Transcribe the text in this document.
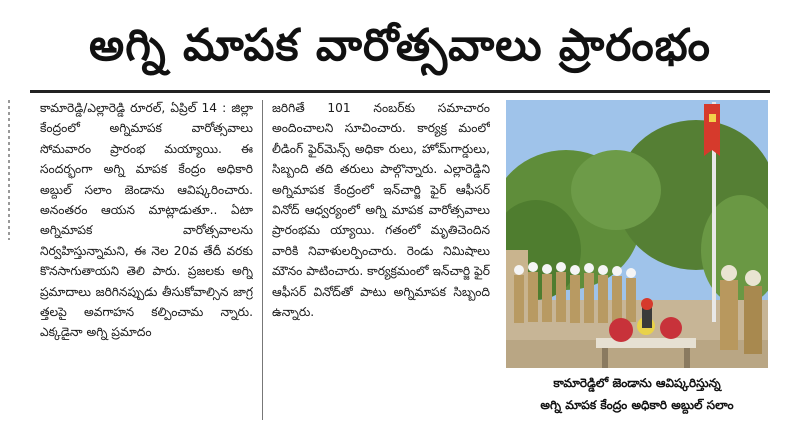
అగ్ని మాపక వారోత్సవాలు ప్రారంభం

కామారెడ్డి/ఎల్లారెడ్డి రూరల్, ఏప్రిల్ 14 : జిల్లా కేంద్రంలో అగ్నిమాపక వారోత్సవాలు సోమవారం ప్రారంభ మయ్యాయి. ఈ సందర్భంగా అగ్ని మాపక కేంద్రం అధికారి అబ్దుల్ సలాం జెండాను ఆవిష్కరించారు. అనంతరం ఆయన మాట్లాడుతూ.. ఏటా అగ్నిమాపక వారోత్సవాలను నిర్వహిస్తున్నామని, ఈ నెల 20వ తేదీ వరకు కొనసాగుతాయని తెలి పారు. ప్రజలకు అగ్ని ప్రమాదాలు జరిగినప్పుడు తీసుకోవాల్సిన జాగ్ర త్తలపై అవగాహన కల్పించామ న్నారు. ఎక్కడైనా అగ్ని ప్రమాదం

జరిగితే 101 నంబర్‌కు సమాచారం అందించాలని సూచించారు. కార్యక్ర మంలో లీడింగ్ ఫైర్‌మెన్స్ అధికా రులు, హోమ్‌గార్డులు, సిబ్బంది తది తరులు పాల్గొన్నారు. ఎల్లారెడ్డిని అగ్నిమాపక కేంద్రంలో ఇన్‌చార్జి ఫైర్ ఆఫీసర్ వినోద్ ఆధ్వర్యంలో అగ్ని మాపక వారోత్సవాలు ప్రారంభమ య్యాయి. గతంలో మృతిచెందిన వారికి నివాళులర్పించారు. రెండు నిమిషాలు మౌనం పాటించారు. కార్యక్రమంలో ఇన్‌చార్జి ఫైర్ ఆఫీసర్ వినోద్‌తో పాటు అగ్నిమాపక సిబ్బంది ఉన్నారు.

కామారెడ్డిలో జెండాను ఆవిష్కరిస్తున్న
అగ్ని మాపక కేంద్రం అధికారి అబ్దుల్ సలాం
